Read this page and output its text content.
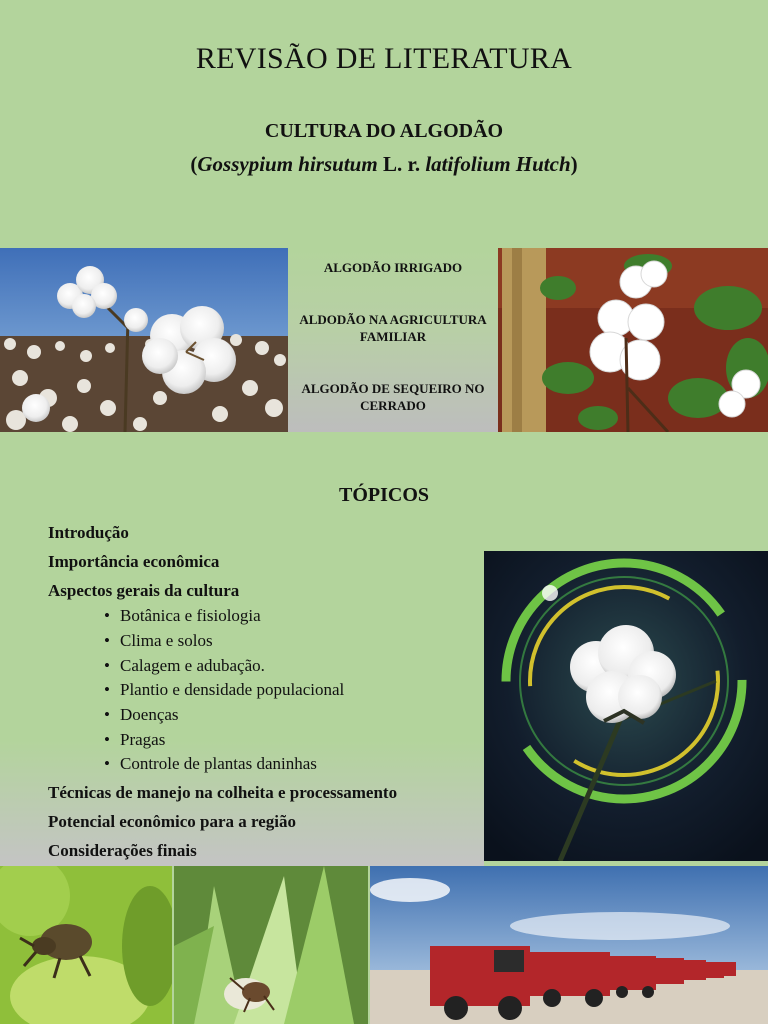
REVISÃO DE LITERATURA
CULTURA DO ALGODÃO
(Gossypium hirsutum L. r. latifolium Hutch)
ALGODÃO IRRIGADO
ALDODÃO NA AGRICULTURA FAMILIAR
ALGODÃO DE SEQUEIRO NO CERRADO
TÓPICOS
Introdução
Importância econômica
Aspectos gerais da cultura
• Botânica e fisiologia
• Clima e solos
• Calagem e adubação.
• Plantio e densidade populacional
• Doenças
• Pragas
• Controle de plantas daninhas
Técnicas de manejo na colheita e processamento
Potencial econômico para a região
Considerações finais
